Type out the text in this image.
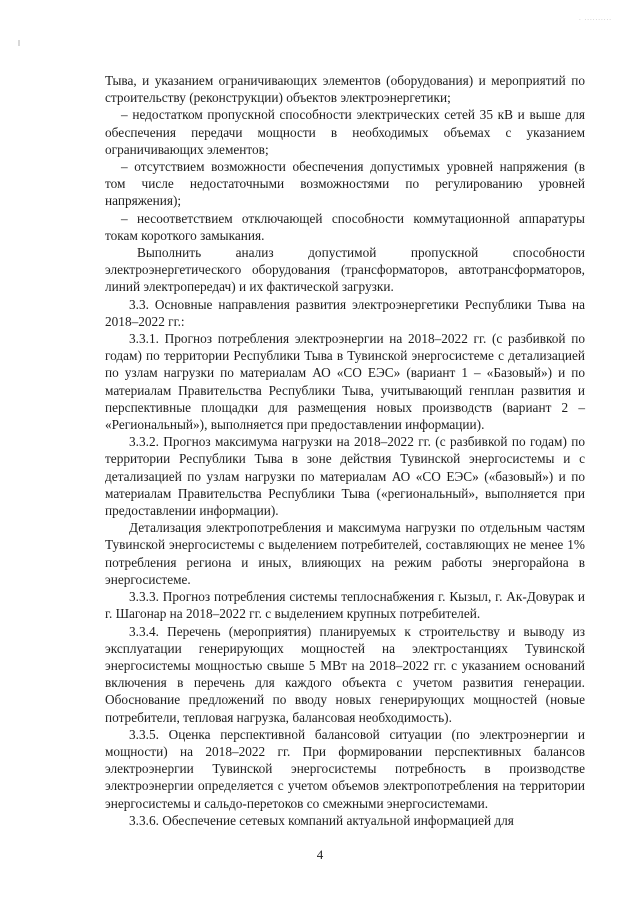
. ..........

Тыва, и указанием ограничивающих элементов (оборудования) и мероприятий по строительству (реконструкции) объектов электроэнергетики;

– недостатком пропускной способности электрических сетей 35 кВ и выше для обеспечения передачи мощности в необходимых объемах с указанием ограничивающих элементов;

– отсутствием возможности обеспечения допустимых уровней напряжения (в том числе недостаточными возможностями по регулированию уровней напряжения);

– несоответствием отключающей способности коммутационной аппаратуры токам короткого замыкания.

Выполнить анализ допустимой пропускной способности электроэнергетического оборудования (трансформаторов, автотрансформаторов, линий электропередач) и их фактической загрузки.

3.3. Основные направления развития электроэнергетики Республики Тыва на 2018–2022 гг.:

3.3.1. Прогноз потребления электроэнергии на 2018–2022 гг. (с разбивкой по годам) по территории Республики Тыва в Тувинской энергосистеме с детализацией по узлам нагрузки по материалам АО «СО ЕЭС» (вариант 1 – «Базовый») и по материалам Правительства Республики Тыва, учитывающий генплан развития и перспективные площадки для размещения новых производств (вариант 2 – «Региональный»), выполняется при предоставлении информации).

3.3.2. Прогноз максимума нагрузки на 2018–2022 гг. (с разбивкой по годам) по территории Республики Тыва в зоне действия Тувинской энергосистемы и с детализацией по узлам нагрузки по материалам АО «СО ЕЭС» («базовый») и по материалам Правительства Республики Тыва («региональный», выполняется при предоставлении информации).

Детализация электропотребления и максимума нагрузки по отдельным частям Тувинской энергосистемы с выделением потребителей, составляющих не менее 1% потребления региона и иных, влияющих на режим работы энергорайона в энергосистеме.

3.3.3. Прогноз потребления системы теплоснабжения г. Кызыл, г. Ак-Довурак и г. Шагонар на 2018–2022 гг. с выделением крупных потребителей.

3.3.4. Перечень (мероприятия) планируемых к строительству и выводу из эксплуатации генерирующих мощностей на электростанциях Тувинской энергосистемы мощностью свыше 5 МВт на 2018–2022 гг. с указанием оснований включения в перечень для каждого объекта с учетом развития генерации. Обоснование предложений по вводу новых генерирующих мощностей (новые потребители, тепловая нагрузка, балансовая необходимость).

3.3.5. Оценка перспективной балансовой ситуации (по электроэнергии и мощности) на 2018–2022 гг. При формировании перспективных балансов электроэнергии Тувинской энергосистемы потребность в производстве электроэнергии определяется с учетом объемов электропотребления на территории энергосистемы и сальдо-перетоков со смежными энергосистемами.

3.3.6. Обеспечение сетевых компаний актуальной информацией для

4
